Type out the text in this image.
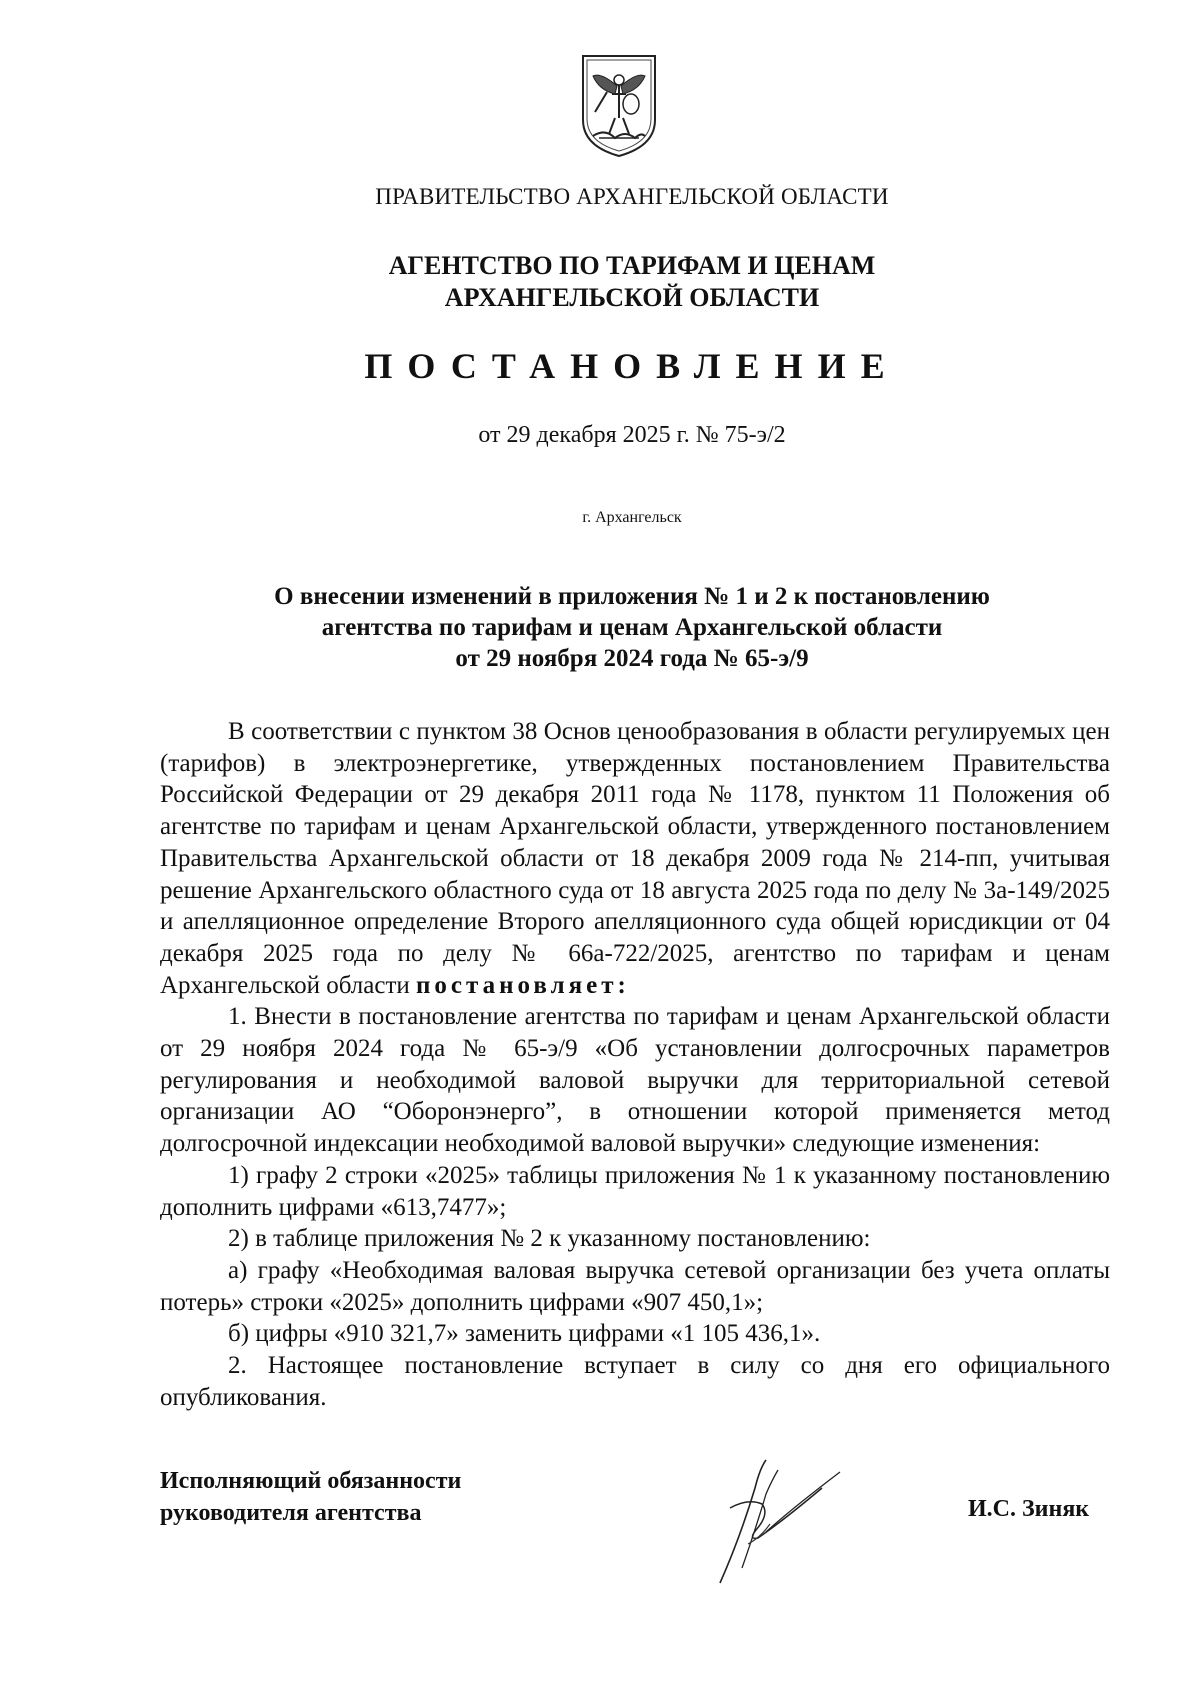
ПРАВИТЕЛЬСТВО АРХАНГЕЛЬСКОЙ ОБЛАСТИ
АГЕНТСТВО ПО ТАРИФАМ И ЦЕНАМ
АРХАНГЕЛЬСКОЙ ОБЛАСТИ
ПОСТАНОВЛЕНИЕ
от 29 декабря 2025 г. № 75-э/2
г. Архангельск
О внесении изменений в приложения № 1 и 2 к постановлению
агентства по тарифам и ценам Архангельской области
от 29 ноября 2024 года № 65-э/9

В соответствии с пунктом 38 Основ ценообразования в области регулируемых цен (тарифов) в электроэнергетике, утвержденных постановлением Правительства Российской Федерации от 29 декабря 2011 года № 1178, пунктом 11 Положения об агентстве по тарифам и ценам Архангельской области, утвержденного постановлением Правительства Архангельской области от 18 декабря 2009 года № 214-пп, учитывая решение Архангельского областного суда от 18 августа 2025 года по делу № 3а-149/2025 и апелляционное определение Второго апелляционного суда общей юрисдикции от 04 декабря 2025 года по делу № 66а-722/2025, агентство по тарифам и ценам Архангельской области постановляет:

1. Внести в постановление агентства по тарифам и ценам Архангельской области от 29 ноября 2024 года № 65-э/9 «Об установлении долгосрочных параметров регулирования и необходимой валовой выручки для территориальной сетевой организации АО “Оборонэнерго”, в отношении которой применяется метод долгосрочной индексации необходимой валовой выручки» следующие изменения:

1) графу 2 строки «2025» таблицы приложения № 1 к указанному постановлению дополнить цифрами «613,7477»;

2) в таблице приложения № 2 к указанному постановлению:

а) графу «Необходимая валовая выручка сетевой организации без учета оплаты потерь» строки «2025» дополнить цифрами «907 450,1»;

б) цифры «910 321,7» заменить цифрами «1 105 436,1».

2. Настоящее постановление вступает в силу со дня его официального опубликования.

Исполняющий обязанности
руководителя агентства	И.С. Зиняк
